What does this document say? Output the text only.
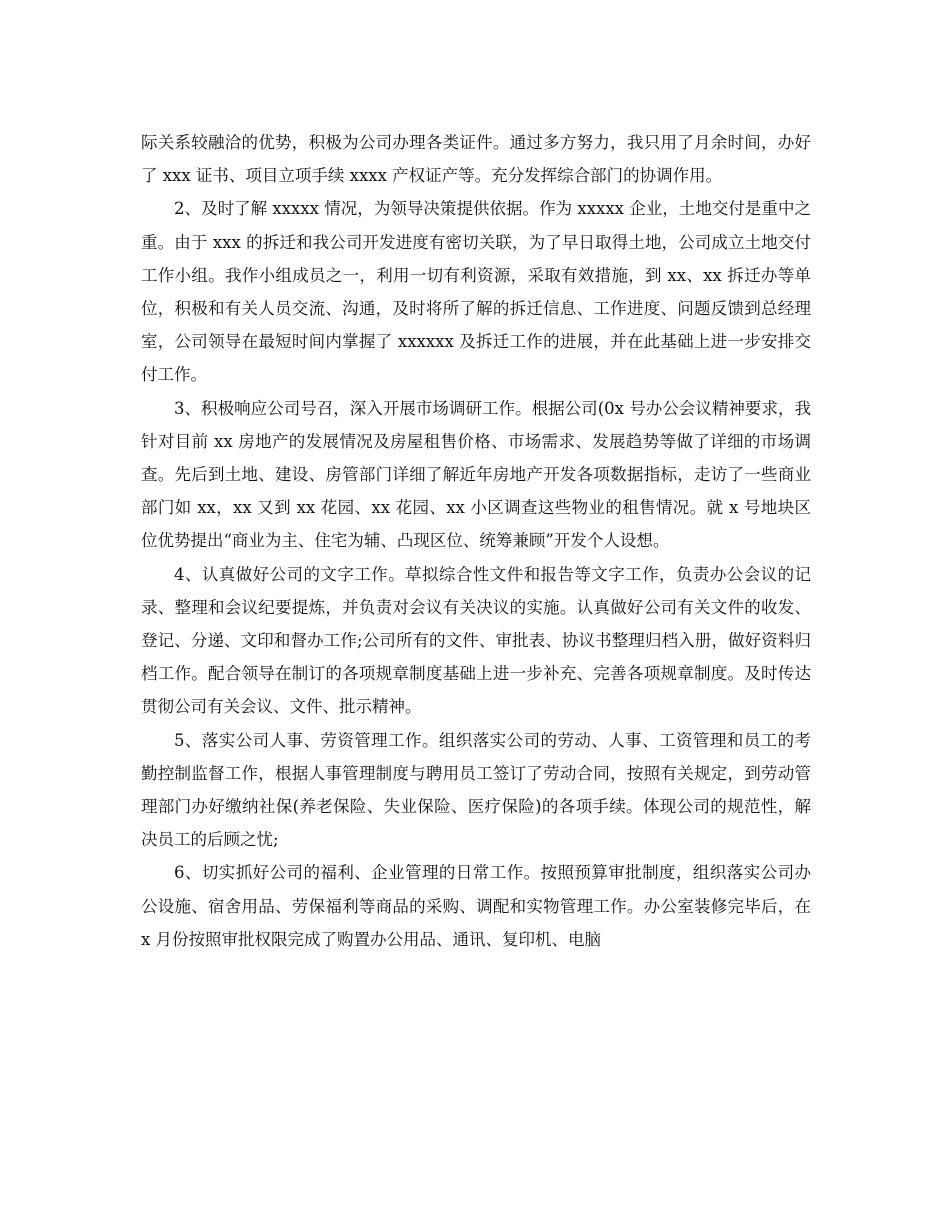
际关系较融洽的优势，积极为公司办理各类证件。通过多方努力，我只用了月余时间，办好了 xxx 证书、项目立项手续 xxxx 产权证产等。充分发挥综合部门的协调作用。

2、及时了解 xxxxx 情况，为领导决策提供依据。作为 xxxxx 企业，土地交付是重中之重。由于 xxx 的拆迁和我公司开发进度有密切关联，为了早日取得土地，公司成立土地交付工作小组。我作小组成员之一，利用一切有利资源，采取有效措施，到 xx、xx 拆迁办等单位，积极和有关人员交流、沟通，及时将所了解的拆迁信息、工作进度、问题反馈到总经理室，公司领导在最短时间内掌握了 xxxxxx 及拆迁工作的进展，并在此基础上进一步安排交付工作。

3、积极响应公司号召，深入开展市场调研工作。根据公司(0x 号办公会议精神要求，我针对目前 xx 房地产的发展情况及房屋租售价格、市场需求、发展趋势等做了详细的市场调查。先后到土地、建设、房管部门详细了解近年房地产开发各项数据指标，走访了一些商业部门如 xx，xx 又到 xx 花园、xx 花园、xx 小区调查这些物业的租售情况。就 x 号地块区位优势提出“商业为主、住宅为辅、凸现区位、统筹兼顾”开发个人设想。

4、认真做好公司的文字工作。草拟综合性文件和报告等文字工作，负责办公会议的记录、整理和会议纪要提炼，并负责对会议有关决议的实施。认真做好公司有关文件的收发、登记、分递、文印和督办工作;公司所有的文件、审批表、协议书整理归档入册，做好资料归档工作。配合领导在制订的各项规章制度基础上进一步补充、完善各项规章制度。及时传达贯彻公司有关会议、文件、批示精神。

5、落实公司人事、劳资管理工作。组织落实公司的劳动、人事、工资管理和员工的考勤控制监督工作，根据人事管理制度与聘用员工签订了劳动合同，按照有关规定，到劳动管理部门办好缴纳社保(养老保险、失业保险、医疗保险)的各项手续。体现公司的规范性，解决员工的后顾之忧;

6、切实抓好公司的福利、企业管理的日常工作。按照预算审批制度，组织落实公司办公设施、宿舍用品、劳保福利等商品的采购、调配和实物管理工作。办公室装修完毕后，在 x 月份按照审批权限完成了购置办公用品、通讯、复印机、电脑
